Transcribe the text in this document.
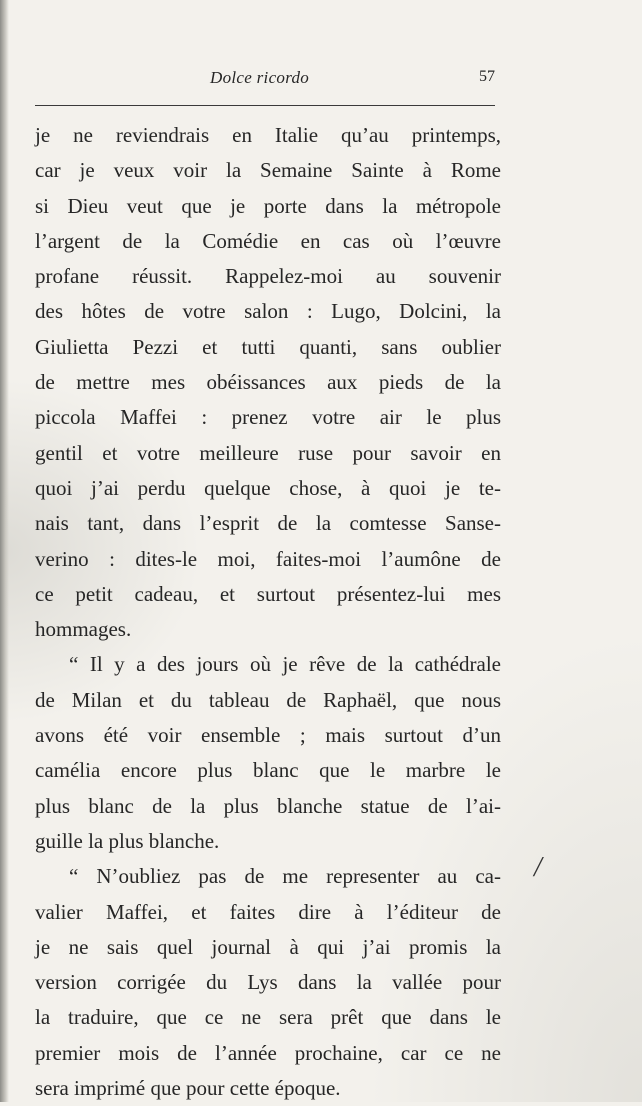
Dolce ricordo	57
je ne reviendrais en Italie qu’au printemps,
car je veux voir la Semaine Sainte à Rome
si Dieu veut que je porte dans la métropole
l’argent de la Comédie en cas où l’œuvre
profane réussit. Rappelez-moi au souvenir
des hôtes de votre salon : Lugo, Dolcini, la
Giulietta Pezzi et tutti quanti, sans oublier
de mettre mes obéissances aux pieds de la
piccola Maffei : prenez votre air le plus
gentil et votre meilleure ruse pour savoir en
quoi j’ai perdu quelque chose, à quoi je te-
nais tant, dans l’esprit de la comtesse Sanse-
verino : dites-le moi, faites-moi l’aumône de
ce petit cadeau, et surtout présentez-lui mes
hommages.
“ Il y a des jours où je rêve de la cathédrale
de Milan et du tableau de Raphaël, que nous
avons été voir ensemble ; mais surtout d’un
camélia encore plus blanc que le marbre le
plus blanc de la plus blanche statue de l’ai-
guille la plus blanche.
“ N’oubliez pas de me representer au ca-
valier Maffei, et faites dire à l’éditeur de
je ne sais quel journal à qui j’ai promis la
version corrigée du Lys dans la vallée pour
la traduire, que ce ne sera prêt que dans le
premier mois de l’année prochaine, car ce ne
sera imprimé que pour cette époque.
/
